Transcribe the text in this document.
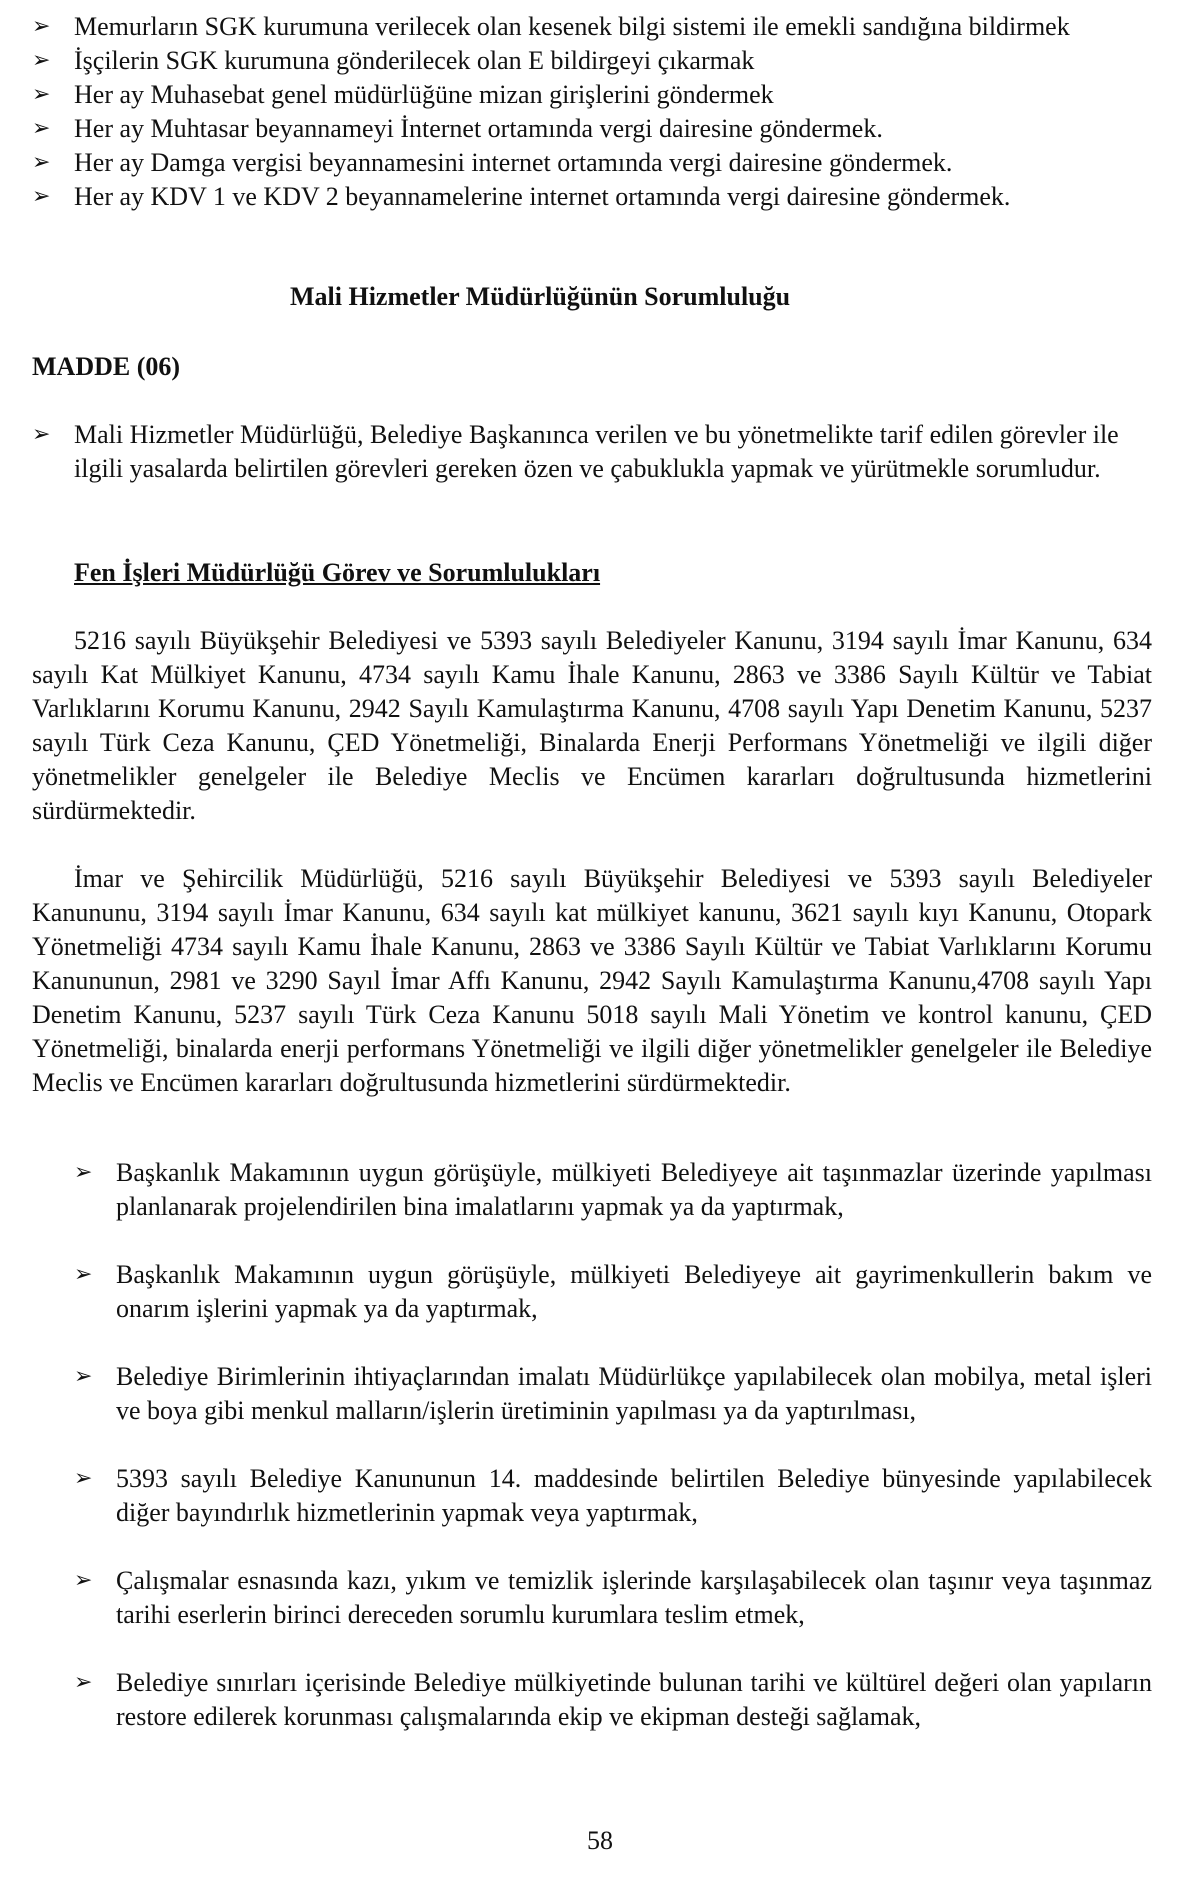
➢ Memurların SGK kurumuna verilecek olan kesenek bilgi sistemi ile emekli sandığına bildirmek
➢ İşçilerin SGK kurumuna gönderilecek olan E bildirgeyi çıkarmak
➢ Her ay Muhasebat genel müdürlüğüne mizan girişlerini göndermek
➢ Her ay Muhtasar beyannameyi İnternet ortamında vergi dairesine göndermek.
➢ Her ay Damga vergisi beyannamesini internet ortamında vergi dairesine göndermek.
➢ Her ay KDV 1 ve KDV 2 beyannamelerine internet ortamında vergi dairesine göndermek.
Mali Hizmetler Müdürlüğünün Sorumluluğu
MADDE (06)
➢ Mali Hizmetler Müdürlüğü, Belediye Başkanınca verilen ve bu yönetmelikte tarif edilen görevler ile ilgili yasalarda belirtilen görevleri gereken özen ve çabuklukla yapmak ve yürütmekle sorumludur.
Fen İşleri Müdürlüğü Görev ve Sorumlulukları

5216 sayılı Büyükşehir Belediyesi ve 5393 sayılı Belediyeler Kanunu, 3194 sayılı İmar Kanunu, 634 sayılı Kat Mülkiyet Kanunu, 4734 sayılı Kamu İhale Kanunu, 2863 ve 3386 Sayılı Kültür ve Tabiat Varlıklarını Korumu Kanunu, 2942 Sayılı Kamulaştırma Kanunu, 4708 sayılı Yapı Denetim Kanunu, 5237 sayılı Türk Ceza Kanunu, ÇED Yönetmeliği, Binalarda Enerji Performans Yönetmeliği ve ilgili diğer yönetmelikler genelgeler ile Belediye Meclis ve Encümen kararları doğrultusunda hizmetlerini sürdürmektedir.

İmar ve Şehircilik Müdürlüğü, 5216 sayılı Büyükşehir Belediyesi ve 5393 sayılı Belediyeler Kanununu, 3194 sayılı İmar Kanunu, 634 sayılı kat mülkiyet kanunu, 3621 sayılı kıyı Kanunu, Otopark Yönetmeliği 4734 sayılı Kamu İhale Kanunu, 2863 ve 3386 Sayılı Kültür ve Tabiat Varlıklarını Korumu Kanununun, 2981 ve 3290 Sayıl İmar Affı Kanunu, 2942 Sayılı Kamulaştırma Kanunu,4708 sayılı Yapı Denetim Kanunu, 5237 sayılı Türk Ceza Kanunu 5018 sayılı Mali Yönetim ve kontrol kanunu, ÇED Yönetmeliği, binalarda enerji performans Yönetmeliği ve ilgili diğer yönetmelikler genelgeler ile Belediye Meclis ve Encümen kararları doğrultusunda hizmetlerini sürdürmektedir.

➢ Başkanlık Makamının uygun görüşüyle, mülkiyeti Belediyeye ait taşınmazlar üzerinde yapılması planlanarak projelendirilen bina imalatlarını yapmak ya da yaptırmak,
➢ Başkanlık Makamının uygun görüşüyle, mülkiyeti Belediyeye ait gayrimenkullerin bakım ve onarım işlerini yapmak ya da yaptırmak,
➢ Belediye Birimlerinin ihtiyaçlarından imalatı Müdürlükçe yapılabilecek olan mobilya, metal işleri ve boya gibi menkul malların/işlerin üretiminin yapılması ya da yaptırılması,
➢ 5393 sayılı Belediye Kanununun 14. maddesinde belirtilen Belediye bünyesinde yapılabilecek diğer bayındırlık hizmetlerinin yapmak veya yaptırmak,
➢ Çalışmalar esnasında kazı, yıkım ve temizlik işlerinde karşılaşabilecek olan taşınır veya taşınmaz tarihi eserlerin birinci dereceden sorumlu kurumlara teslim etmek,
➢ Belediye sınırları içerisinde Belediye mülkiyetinde bulunan tarihi ve kültürel değeri olan yapıların restore edilerek korunması çalışmalarında ekip ve ekipman desteği sağlamak,
58
